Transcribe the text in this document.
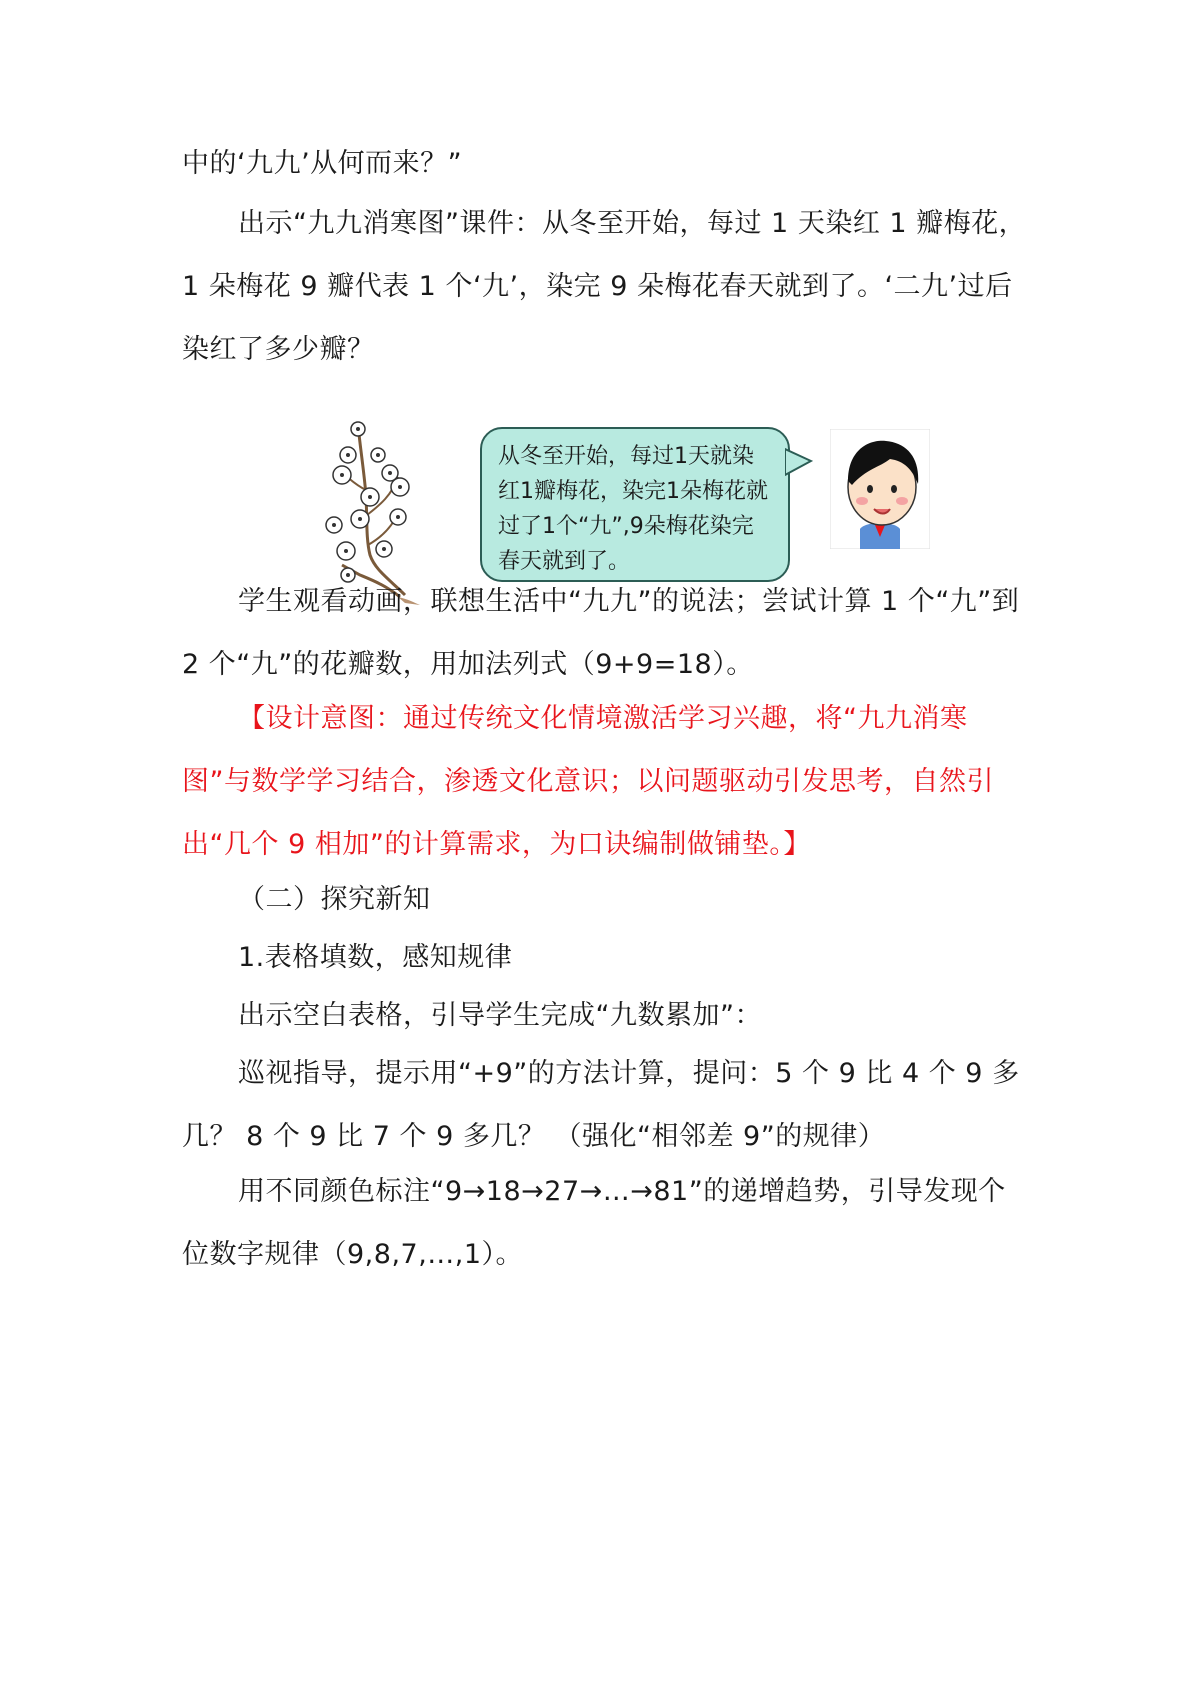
中的‘九九’从何而来？”

出示“九九消寒图”课件：从冬至开始，每过 1 天染红 1 瓣梅花，1 朵梅花 9 瓣代表 1 个‘九’，染完 9 朵梅花春天就到了。‘二九’过后染红了多少瓣？

从冬至开始，每过1天就染红1瓣梅花，染完1朵梅花就过了1个“九”,9朵梅花染完春天就到了。

学生观看动画，联想生活中“九九”的说法；尝试计算 1 个“九”到 2 个“九”的花瓣数，用加法列式（9+9=18）。

【设计意图：通过传统文化情境激活学习兴趣，将“九九消寒图”与数学学习结合，渗透文化意识；以问题驱动引发思考，自然引出“几个 9 相加”的计算需求，为口诀编制做铺垫。】

（二）探究新知

1.表格填数，感知规律

出示空白表格，引导学生完成“九数累加”：

巡视指导，提示用“+9”的方法计算，提问：5 个 9 比 4 个 9 多几？ 8 个 9 比 7 个 9 多几？ （强化“相邻差 9”的规律）

用不同颜色标注“9→18→27→…→81”的递增趋势，引导发现个位数字规律（9,8,7,…,1）。
